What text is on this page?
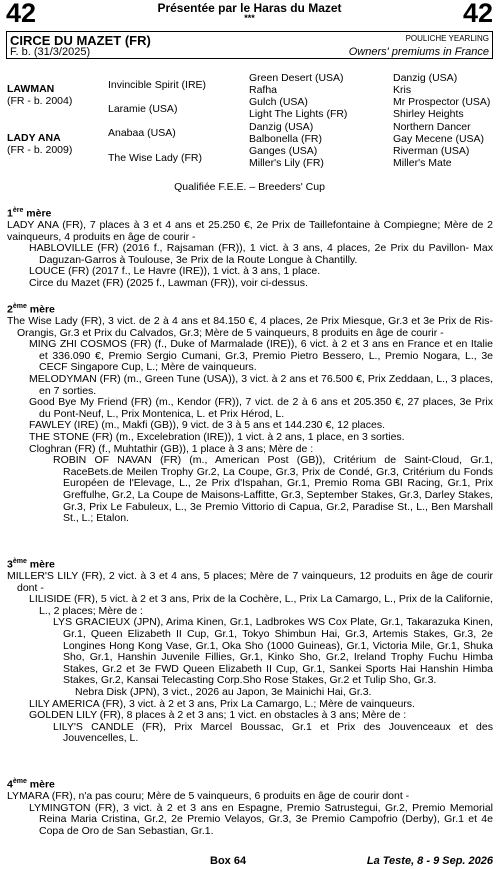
42	42
Présentée par le Haras du Mazet
***
CIRCE DU MAZET (FR)
F. b. (31/3/2025)
POULICHE YEARLING
Owners' premiums in France
LAWMAN
(FR - b. 2004)
LADY ANA
(FR - b. 2009)
Invincible Spirit (IRE)
Laramie (USA)
Anabaa (USA)
The Wise Lady (FR)
Green Desert (USA)
Rafha
Gulch (USA)
Light The Lights (FR)
Danzig (USA)
Balbonella (FR)
Ganges (USA)
Miller's Lily (FR)
Danzig (USA)
Kris
Mr Prospector (USA)
Shirley Heights
Northern Dancer
Gay Mecene (USA)
Riverman (USA)
Miller's Mate
Qualifiée F.E.E. – Breeders' Cup
1ère mère

LADY ANA (FR), 7 places à 3 et 4 ans et 25.250 €, 2e Prix de Taillefontaine à Compiegne; Mère de 2 vainqueurs, 4 produits en âge de courir -

HABLOVILLE (FR) (2016 f., Rajsaman (FR)), 1 vict. à 3 ans, 4 places, 2e Prix du Pavillon- Max Daguzan-Garros à Toulouse, 3e Prix de la Route Longue à Chantilly.

LOUCE (FR) (2017 f., Le Havre (IRE)), 1 vict. à 3 ans, 1 place.

Circe du Mazet (FR) (2025 f., Lawman (FR)), voir ci-dessus.

2ème mère

The Wise Lady (FR), 3 vict. de 2 à 4 ans et 84.150 €, 4 places, 2e Prix Miesque, Gr.3 et 3e Prix de Ris-Orangis, Gr.3 et Prix du Calvados, Gr.3; Mère de 5 vainqueurs, 8 produits en âge de courir -

MING ZHI COSMOS (FR) (f., Duke of Marmalade (IRE)), 6 vict. à 2 et 3 ans en France et en Italie et 336.090 €, Premio Sergio Cumani, Gr.3, Premio Pietro Bessero, L., Premio Nogara, L., 3e CECF Singapore Cup, L.; Mère de vainqueurs.

MELODYMAN (FR) (m., Green Tune (USA)), 3 vict. à 2 ans et 76.500 €, Prix Zeddaan, L., 3 places, en 7 sorties.

Good Bye My Friend (FR) (m., Kendor (FR)), 7 vict. de 2 à 6 ans et 205.350 €, 27 places, 3e Prix du Pont-Neuf, L., Prix Montenica, L. et Prix Hérod, L.

FAWLEY (IRE) (m., Makfi (GB)), 9 vict. de 3 à 5 ans et 144.230 €, 12 places.

THE STONE (FR) (m., Excelebration (IRE)), 1 vict. à 2 ans, 1 place, en 3 sorties.

Cloghran (FR) (f., Muhtathir (GB)), 1 place à 3 ans; Mère de :

ROBIN OF NAVAN (FR) (m., American Post (GB)), Critérium de Saint-Cloud, Gr.1, RaceBets.de Meilen Trophy Gr.2, La Coupe, Gr.3, Prix de Condé, Gr.3, Critérium du Fonds Européen de l'Elevage, L., 2e Prix d'Ispahan, Gr.1, Premio Roma GBI Racing, Gr.1, Prix Greffulhe, Gr.2, La Coupe de Maisons-Laffitte, Gr.3, September Stakes, Gr.3, Darley Stakes, Gr.3, Prix Le Fabuleux, L., 3e Premio Vittorio di Capua, Gr.2, Paradise St., L., Ben Marshall St., L.; Etalon.

3ème mère

MILLER'S LILY (FR), 2 vict. à 3 et 4 ans, 5 places; Mère de 7 vainqueurs, 12 produits en âge de courir dont -

LILISIDE (FR), 5 vict. à 2 et 3 ans, Prix de la Cochère, L., Prix La Camargo, L., Prix de la Californie, L., 2 places; Mère de :

LYS GRACIEUX (JPN), Arima Kinen, Gr.1, Ladbrokes WS Cox Plate, Gr.1, Takarazuka Kinen, Gr.1, Queen Elizabeth II Cup, Gr.1, Tokyo Shimbun Hai, Gr.3, Artemis Stakes, Gr.3, 2e Longines Hong Kong Vase, Gr.1, Oka Sho (1000 Guineas), Gr.1, Victoria Mile, Gr.1, Shuka Sho, Gr.1, Hanshin Juvenile Fillies, Gr.1, Kinko Sho, Gr.2, Ireland Trophy Fuchu Himba Stakes, Gr.2 et 3e FWD Queen Elizabeth II Cup, Gr.1, Sankei Sports Hai Hanshin Himba Stakes, Gr.2, Kansai Telecasting Corp.Sho Rose Stakes, Gr.2 et Tulip Sho, Gr.3.

Nebra Disk (JPN), 3 vict., 2026 au Japon, 3e Mainichi Hai, Gr.3.

LILY AMERICA (FR), 3 vict. à 2 et 3 ans, Prix La Camargo, L.; Mère de vainqueurs.

GOLDEN LILY (FR), 8 places à 2 et 3 ans; 1 vict. en obstacles à 3 ans; Mère de :

LILY'S CANDLE (FR), Prix Marcel Boussac, Gr.1 et Prix des Jouvenceaux et des Jouvencelles, L.

4ème mère

LYMARA (FR), n'a pas couru; Mère de 5 vainqueurs, 6 produits en âge de courir dont -

LYMINGTON (FR), 3 vict. à 2 et 3 ans en Espagne, Premio Satrustegui, Gr.2, Premio Memorial Reina Maria Cristina, Gr.2, 2e Premio Velayos, Gr.3, 3e Premio Campofrio (Derby), Gr.1 et 4e Copa de Oro de San Sebastian, Gr.1.

Box 64	La Teste, 8 - 9 Sep. 2026
